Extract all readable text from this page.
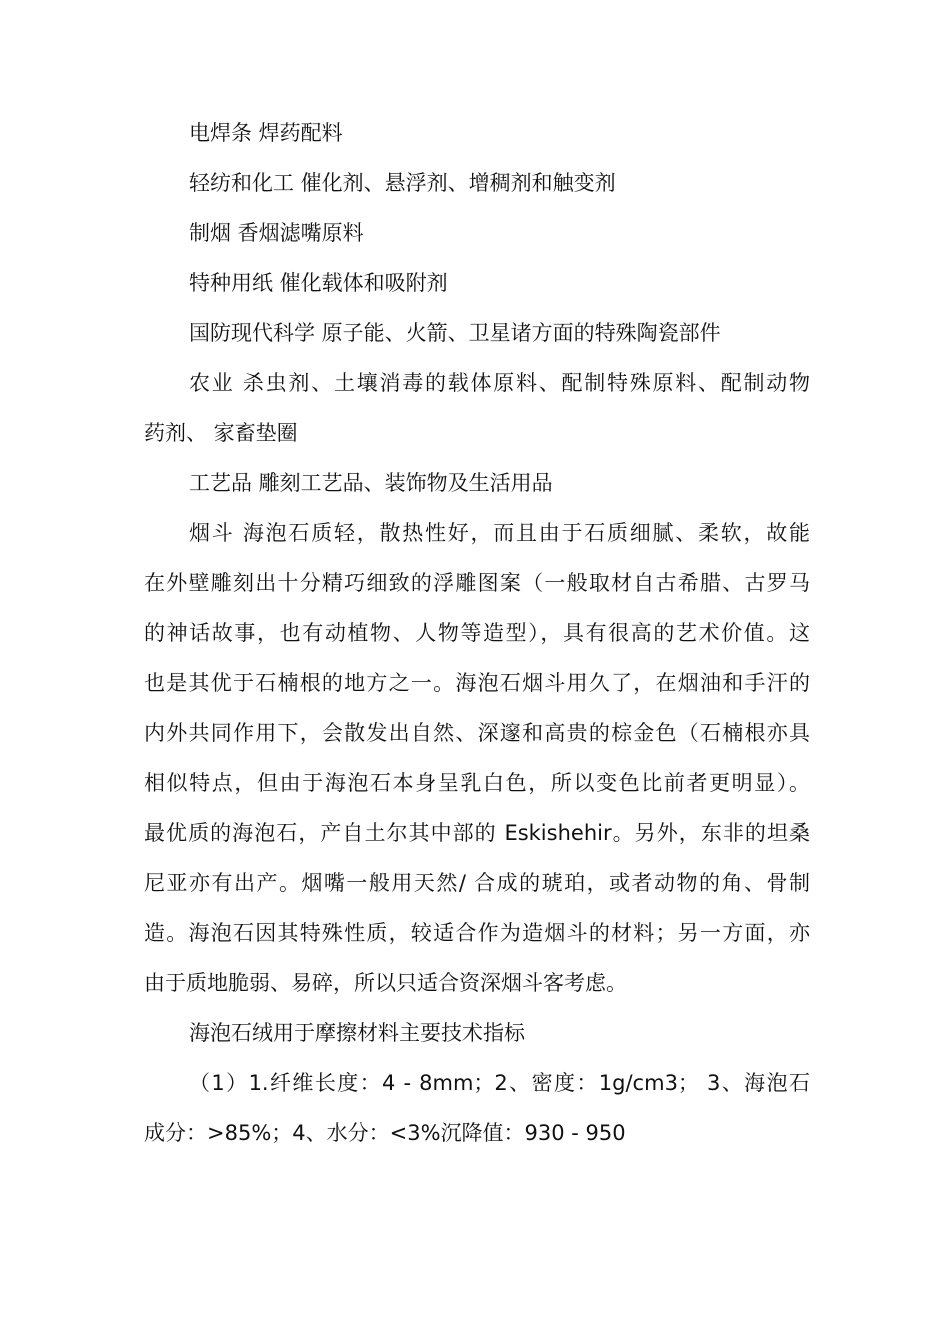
电焊条 焊药配料
轻纺和化工 催化剂、悬浮剂、增稠剂和触变剂
制烟 香烟滤嘴原料
特种用纸 催化载体和吸附剂
国防现代科学 原子能、火箭、卫星诸方面的特殊陶瓷部件
农业 杀虫剂、土壤消毒的载体原料、配制特殊原料、配制动物
药剂、 家畜垫圈
工艺品 雕刻工艺品、装饰物及生活用品
烟斗 海泡石质轻，散热性好，而且由于石质细腻、柔软，故能
在外壁雕刻出十分精巧细致的浮雕图案（一般取材自古希腊、古罗马
的神话故事，也有动植物、人物等造型），具有很高的艺术价值。这
也是其优于石楠根的地方之一。海泡石烟斗用久了，在烟油和手汗的
内外共同作用下，会散发出自然、深邃和高贵的棕金色（石楠根亦具
相似特点，但由于海泡石本身呈乳白色，所以变色比前者更明显）。
最优质的海泡石，产自土尔其中部的 Eskishehir。另外，东非的坦桑
尼亚亦有出产。烟嘴一般用天然/ 合成的琥珀，或者动物的角、骨制
造。海泡石因其特殊性质，较适合作为造烟斗的材料；另一方面，亦
由于质地脆弱、易碎，所以只适合资深烟斗客考虑。
海泡石绒用于摩擦材料主要技术指标
（1）1.纤维长度：4 - 8mm；2、密度：1g/cm3； 3、海泡石
成分：>85%；4、水分：<3%沉降值：930 - 950
